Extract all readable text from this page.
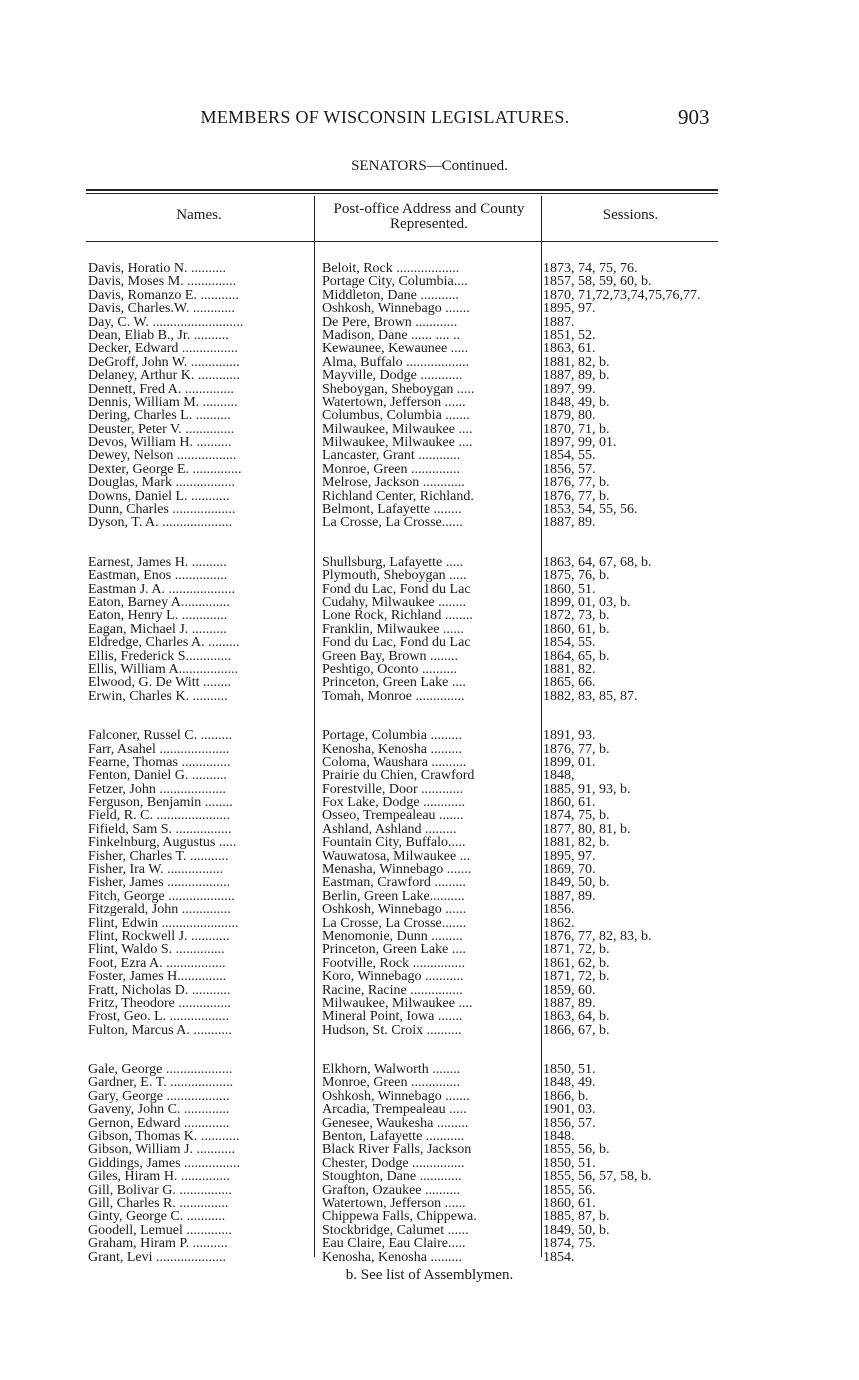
MEMBERS OF WISCONSIN LEGISLATURES.	903
SENATORS—Continued.
Names.	Post-office Address and County Represented.
Sessions.
Davis, Horatio N. ..........	Beloit, Rock ..................	1873, 74, 75, 76.
Davis, Moses M. ..............	Portage City, Columbia....	1857, 58, 59, 60, b.
Davis, Romanzo E. ...........	Middleton, Dane ...........	1870, 71,72,73,74,75,76,77.
Davis, Charles.W. ............	Oshkosh, Winnebago .......	1895, 97.
Day, C. W. ..........................	De Pere, Brown ............	1887.
Dean, Eliab B., Jr. ..........	Madison, Dane ...... .... ..	1851, 52.
Decker, Edward ................	Kewaunee, Kewaunee .....	1863, 61.
DeGroff, John W. ..............	Alma, Buffalo ..................	1881, 82, b.
Delaney, Arthur K. ............	Mayville, Dodge ............	1887, 89, b.
Dennett, Fred A. ..............	Sheboygan, Sheboygan .....	1897, 99.
Dennis, William M. ..........	Watertown, Jefferson ......	1848, 49, b.
Dering, Charles L. ..........	Columbus, Columbia .......	1879, 80.
Deuster, Peter V. ..............	Milwaukee, Milwaukee ....	1870, 71, b.
Devos, William H. ..........	Milwaukee, Milwaukee ....	1897, 99, 01.
Dewey, Nelson .................	Lancaster, Grant ............	1854, 55.
Dexter, George E. ..............	Monroe, Green ..............	1856, 57.
Douglas, Mark .................	Melrose, Jackson ............	1876, 77, b.
Downs, Daniel L. ...........	Richland Center, Richland.	1876, 77, b.
Dunn, Charles ..................	Belmont, Lafayette ........	1853, 54, 55, 56.
Dyson, T. A. ....................	La Crosse, La Crosse......	1887, 89.
Earnest, James H. ..........	Shullsburg, Lafayette .....	1863, 64, 67, 68, b.
Eastman, Enos ...............	Plymouth, Sheboygan .....	1875, 76, b.
Eastman J. A. ...................	Fond du Lac, Fond du Lac	1860, 51.
Eaton, Barney A..............	Cudahy, Milwaukee ........	1899, 01, 03, b.
Eaton, Henry L. .............	Lone Rock, Richland ........	1872, 73, b.
Eagan, Michael J. ..........	Franklin, Milwaukee ......	1860, 61, b.
Eldredge, Charles A. .........	Fond du Lac, Fond du Lac	1854, 55.
Ellis, Frederick S.............	Green Bay, Brown ........	1864, 65, b.
Ellis, William A.................	Peshtigo, Oconto ..........	1881, 82.
Elwood, G. De Witt ........	Princeton, Green Lake ....	1865, 66.
Erwin, Charles K. ..........	Tomah, Monroe ..............	1882, 83, 85, 87.
Falconer, Russel C. .........	Portage, Columbia .........	1891, 93.
Farr, Asahel ....................	Kenosha, Kenosha .........	1876, 77, b.
Fearne, Thomas ..............	Coloma, Waushara ..........	1899, 01.
Fenton, Daniel G. ..........	Prairie du Chien, Crawford	1848,
Fetzer, John ...................	Forestville, Door ............	1885, 91, 93, b.
Ferguson, Benjamin ........	Fox Lake, Dodge ............	1860, 61.
Field, R. C. .....................	Osseo, Trempealeau .......	1874, 75, b.
Fifield, Sam S. ................	Ashland, Ashland .........	1877, 80, 81, b.
Finkelnburg, Augustus .....	Fountain City, Buffalo.....	1881, 82, b.
Fisher, Charles T. ...........	Wauwatosa, Milwaukee ...	1895, 97.
Fisher, Ira W. ................	Menasha, Winnebago .......	1869, 70.
Fisher, James ..................	Eastman, Crawford .........	1849, 50, b.
Fitch, George ...................	Berlin, Green Lake..........	1887, 89.
Fitzgerald, John ..............	Oshkosh, Winnebago ......	1856.
Flint, Edwin ......................	La Crosse, La Crosse.......	1862.
Flint, Rockwell J. ...........	Menomonie, Dunn .........	1876, 77, 82, 83, b.
Flint, Waldo S. ..............	Princeton, Green Lake ....	1871, 72, b.
Foot, Ezra A. .................	Footville, Rock ...............	1861, 62, b.
Foster, James H..............	Koro, Winnebago ...........	1871, 72, b.
Fratt, Nicholas D. ...........	Racine, Racine ...............	1859, 60.
Fritz, Theodore ...............	Milwaukee, Milwaukee ....	1887, 89.
Frost, Geo. L. .................	Mineral Point, Iowa .......	1863, 64, b.
Fulton, Marcus A. ...........	Hudson, St. Croix ..........	1866, 67, b.
Gale, George ...................	Elkhorn, Walworth ........	1850, 51.
Gardner, E. T. ..................	Monroe, Green ..............	1848, 49.
Gary, George ..................	Oshkosh, Winnebago .......	1866, b.
Gaveny, John C. .............	Arcadia, Trempealeau .....	1901, 03.
Gernon, Edward .............	Genesee, Waukesha .........	1856, 57.
Gibson, Thomas K. ...........	Benton, Lafayette ...........	1848.
Gibson, William J. ...........	Black River Falls, Jackson	1855, 56, b.
Giddings, James ................	Chester, Dodge ...............	1850, 51.
Giles, Hiram H. ..............	Stoughton, Dane ............	1855, 56, 57, 58, b.
Gill, Bolivar G. ...............	Grafton, Ozaukee ..........	1855, 56.
Gill, Charles R. ..............	Watertown, Jefferson ......	1860, 61.
Ginty, George C. ...........	Chippewa Falls, Chippewa.	1885, 87, b.
Goodell, Lemuel .............	Stockbridge, Calumet ......	1849, 50, b.
Graham, Hiram P. ..........	Eau Claire, Eau Claire.....	1874, 75.
Grant, Levi ....................	Kenosha, Kenosha .........	1854.
b. See list of Assemblymen.
